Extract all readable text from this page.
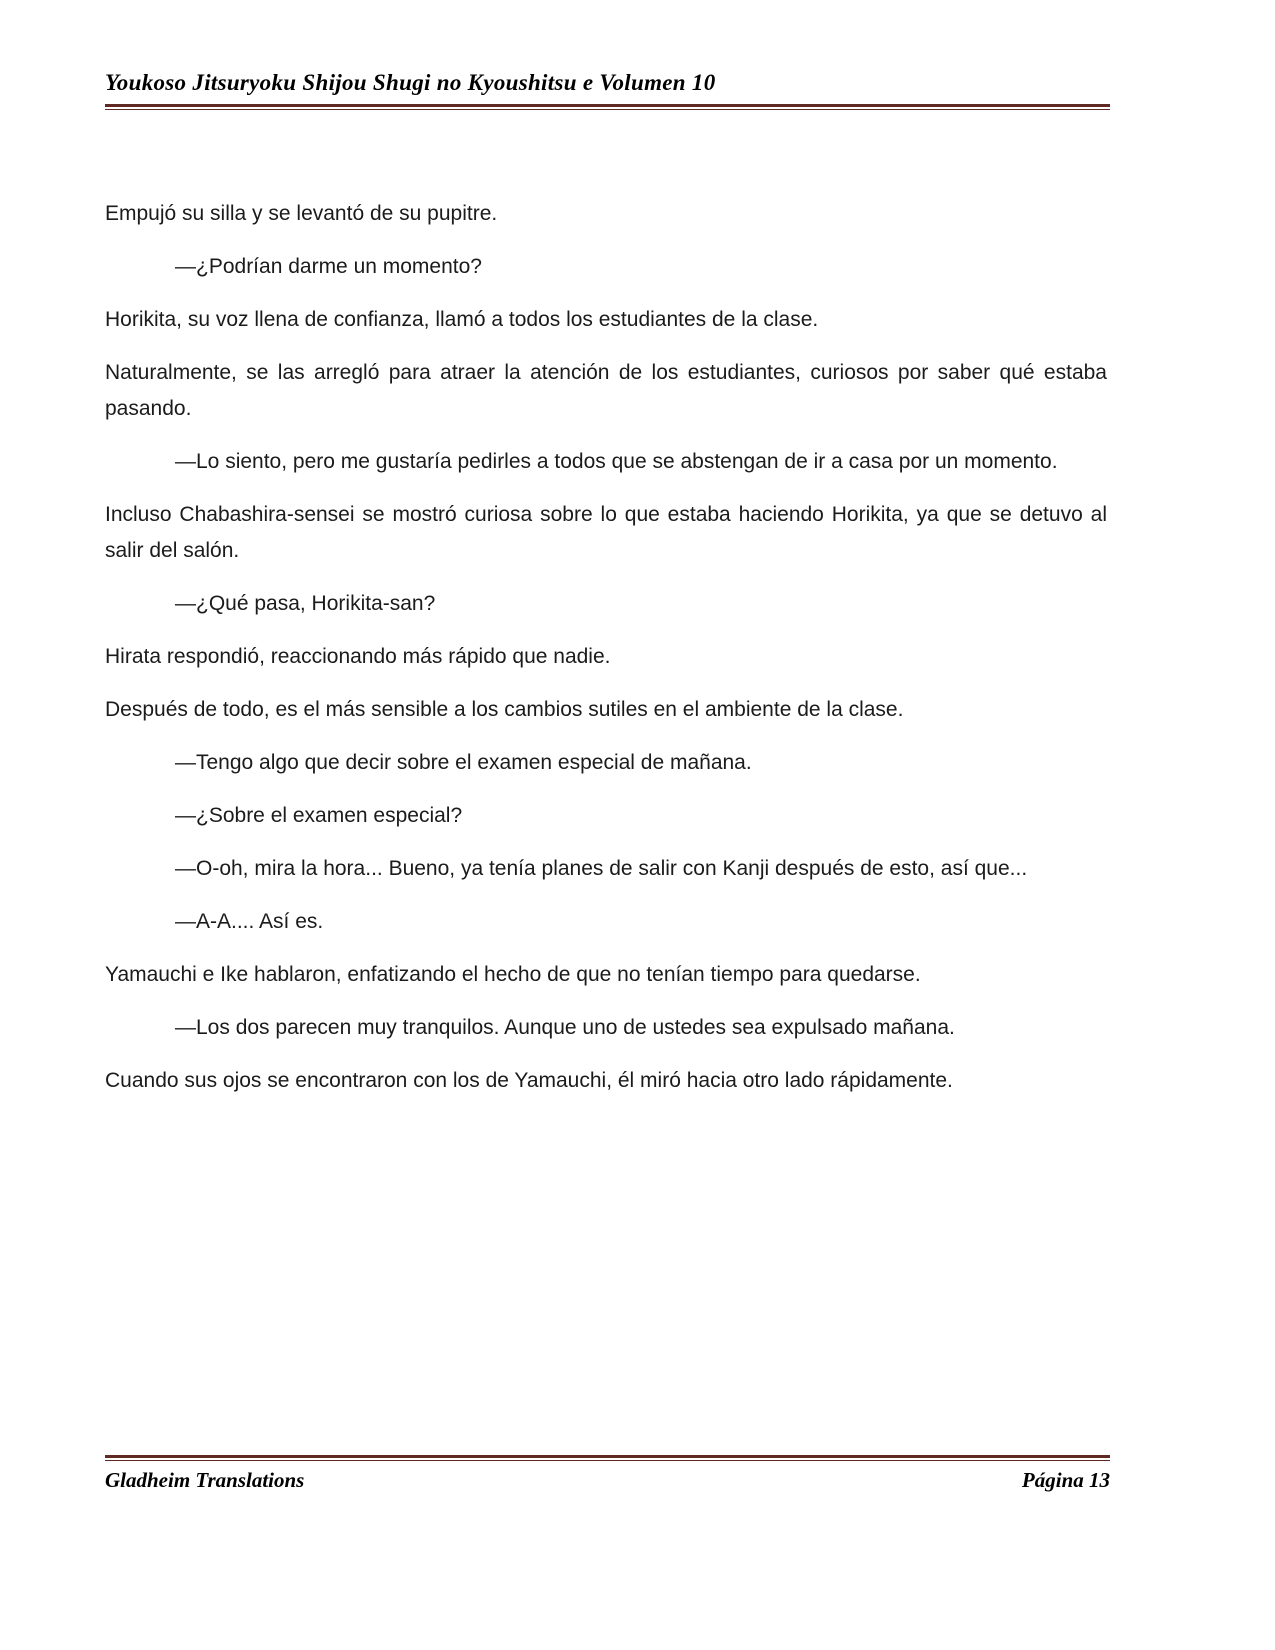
Youkoso Jitsuryoku Shijou Shugi no Kyoushitsu e Volumen 10

Empujó su silla y se levantó de su pupitre.

—¿Podrían darme un momento?

Horikita, su voz llena de confianza, llamó a todos los estudiantes de la clase.

Naturalmente, se las arregló para atraer la atención de los estudiantes, curiosos por saber qué estaba pasando.

—Lo siento, pero me gustaría pedirles a todos que se abstengan de ir a casa por un momento.

Incluso Chabashira-sensei se mostró curiosa sobre lo que estaba haciendo Horikita, ya que se detuvo al salir del salón.

—¿Qué pasa, Horikita-san?

Hirata respondió, reaccionando más rápido que nadie.

Después de todo, es el más sensible a los cambios sutiles en el ambiente de la clase.

—Tengo algo que decir sobre el examen especial de mañana.

—¿Sobre el examen especial?

—O-oh, mira la hora... Bueno, ya tenía planes de salir con Kanji después de esto, así que...

—A-A.... Así es.

Yamauchi e Ike hablaron, enfatizando el hecho de que no tenían tiempo para quedarse.

—Los dos parecen muy tranquilos. Aunque uno de ustedes sea expulsado mañana.

Cuando sus ojos se encontraron con los de Yamauchi, él miró hacia otro lado rápidamente.

Gladheim Translations	Página 13
